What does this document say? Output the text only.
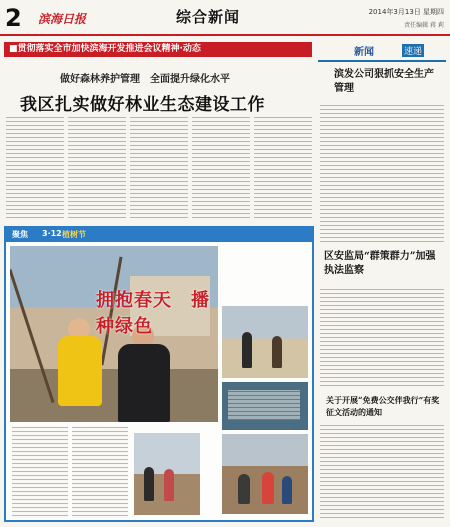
2 滨海日报	综合新闻	2014年3月13日 星期四
责任编辑 蒋 莉
■贯彻落实全市加快滨海开发推进会议精神·动态
做好森林养护管理　全面提升绿化水平
我区扎实做好林业生态建设工作
新闻	速递
滨发公司狠抓安全生产管理
区安监局“群策群力”加强执法监察
关于开展“免费公交伴我行”有奖征文活动的通知
聚焦 3·12 植树节
拥抱春天　播种绿色
